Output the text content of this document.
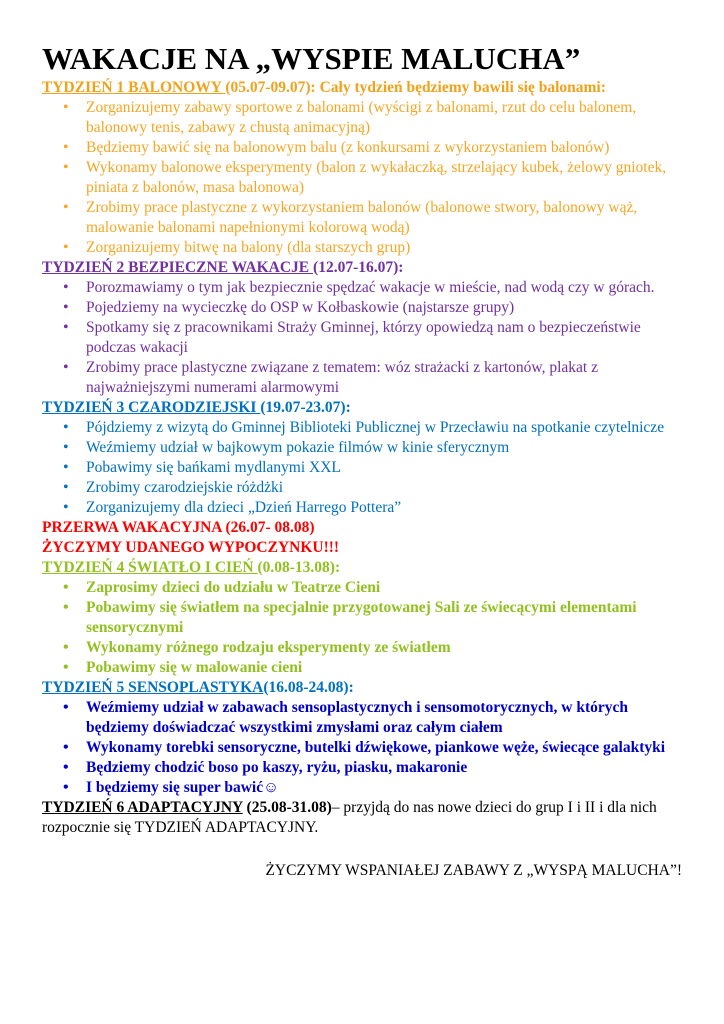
WAKACJE NA „WYSPIE MALUCHA”

TYDZIEŃ 1 BALONOWY (05.07-09.07): Cały tydzień będziemy bawili się balonami:

• Zorganizujemy zabawy sportowe z balonami (wyścigi z balonami, rzut do celu balonem, balonowy tenis, zabawy z chustą animacyjną)
• Będziemy bawić się na balonowym balu (z konkursami z wykorzystaniem balonów)
• Wykonamy balonowe eksperymenty (balon z wykałaczką, strzelający kubek, żelowy gniotek, piniata z balonów, masa balonowa)
• Zrobimy prace plastyczne z wykorzystaniem balonów (balonowe stwory, balonowy wąż, malowanie balonami napełnionymi kolorową wodą)
• Zorganizujemy bitwę na balony (dla starszych grup)

TYDZIEŃ 2 BEZPIECZNE WAKACJE (12.07-16.07):

• Porozmawiamy o tym jak bezpiecznie spędzać wakacje w mieście, nad wodą czy w górach.
• Pojedziemy na wycieczkę do OSP w Kołbaskowie (najstarsze grupy)
• Spotkamy się z pracownikami Straży Gminnej, którzy opowiedzą nam o bezpieczeństwie podczas wakacji
• Zrobimy prace plastyczne związane z tematem: wóz strażacki z kartonów, plakat z najważniejszymi numerami alarmowymi

TYDZIEŃ 3 CZARODZIEJSKI (19.07-23.07):

• Pójdziemy z wizytą do Gminnej Biblioteki Publicznej w Przecławiu na spotkanie czytelnicze
• Weźmiemy udział w bajkowym pokazie filmów w kinie sferycznym
• Pobawimy się bańkami mydlanymi XXL
• Zrobimy czarodziejskie różdżki
• Zorganizujemy dla dzieci „Dzień Harrego Pottera”

PRZERWA WAKACYJNA (26.07- 08.08)

ŻYCZYMY UDANEGO WYPOCZYNKU!!!

TYDZIEŃ 4 ŚWIATŁO I CIEŃ (0.08-13.08):

• Zaprosimy dzieci do udziału w Teatrze Cieni
• Pobawimy się światłem na specjalnie przygotowanej Sali ze świecącymi elementami sensorycznymi
• Wykonamy różnego rodzaju eksperymenty ze światłem
• Pobawimy się w malowanie cieni

TYDZIEŃ 5 SENSOPLASTYKA(16.08-24.08):

• Weźmiemy udział w zabawach sensoplastycznych i sensomotorycznych, w których będziemy doświadczać wszystkimi zmysłami oraz całym ciałem
• Wykonamy torebki sensoryczne, butelki dźwiękowe, piankowe węże, świecące galaktyki
• Będziemy chodzić boso po kaszy, ryżu, piasku, makaronie
• I będziemy się super bawić☺

TYDZIEŃ 6 ADAPTACYJNY (25.08-31.08)– przyjdą do nas nowe dzieci do grup I i II i dla nich rozpocznie się TYDZIEŃ ADAPTACYJNY.

ŻYCZYMY WSPANIAŁEJ ZABAWY Z „WYSPĄ MALUCHA”!
